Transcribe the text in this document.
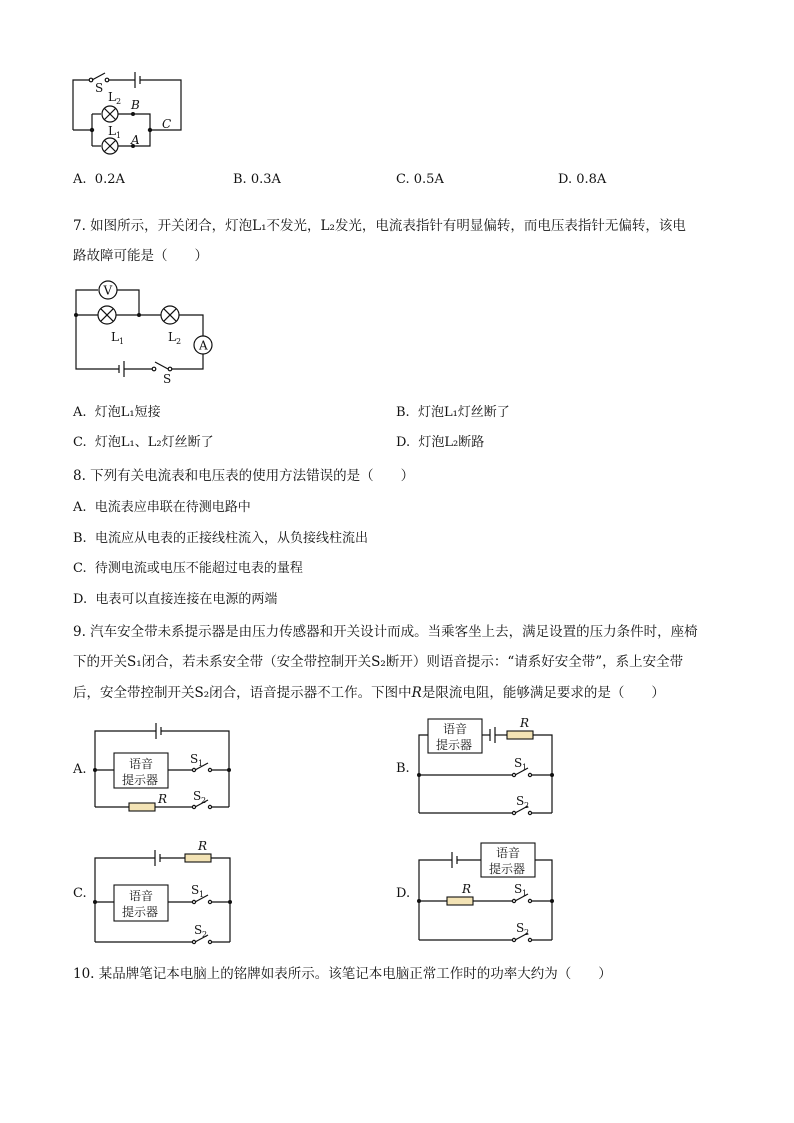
S
L 2 B
C
L 1 A
A. 0.2A	B. 0.3A	C. 0.5A	D. 0.8A
7. 如图所示，开关闭合，灯泡L₁不发光，L₂发光，电流表指针有明显偏转，而电压表指针无偏转，该电
路故障可能是（　　）
V
A
L 1	L 2
S
A. 灯泡L₁短接	B. 灯泡L₁灯丝断了
C. 灯泡L₁、L₂灯丝断了	D. 灯泡L₂断路
8. 下列有关电流表和电压表的使用方法错误的是（　　）
A. 电流表应串联在待测电路中
B. 电流应从电表的正接线柱流入，从负接线柱流出
C. 待测电流或电压不能超过电表的量程
D. 电表可以直接连接在电源的两端
9. 汽车安全带未系提示器是由压力传感器和开关设计而成。当乘客坐上去，满足设置的压力条件时，座椅
下的开关S₁闭合，若未系安全带（安全带控制开关S₂断开）则语音提示：“请系好安全带”，系上安全带
后，安全带控制开关S₂闭合，语音提示器不工作。下图中R是限流电阻，能够满足要求的是（　　）
A.	B.
C.	D.
语音
提示器
S 1
S 2
R
语音
提示器
R
S 1
S 2
语音
提示器
R
S 1
S 2
语音
提示器
R	S 1
S 2
10. 某品牌笔记本电脑上的铭牌如表所示。该笔记本电脑正常工作时的功率大约为（　　）
